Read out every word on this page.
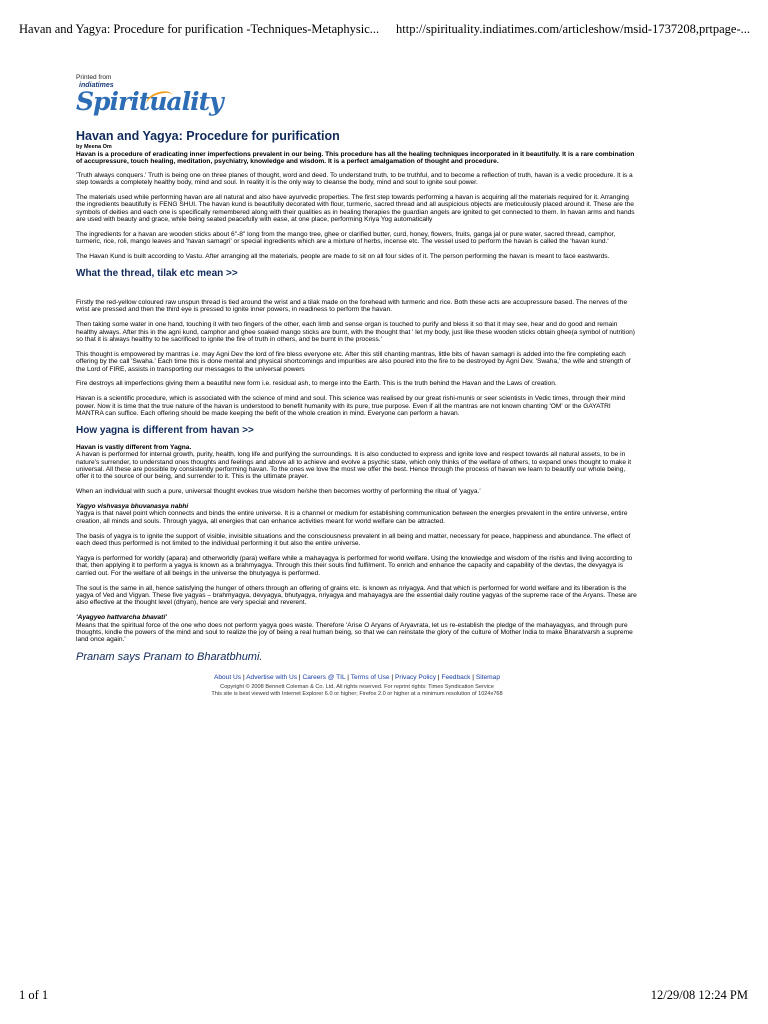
Havan and Yagya: Procedure for purification -Techniques-Metaphysic... http://spirituality.indiatimes.com/articleshow/msid-1737208,prtpage-...
Printed from
indiatimes
Spirituality
Havan and Yagya: Procedure for purification
by Meena Om

Havan is a procedure of eradicating inner imperfections prevalent in our being. This procedure has all the healing techniques incorporated in it beautifully. It is a rare combination of accupressure, touch healing, meditation, psychiatry, knowledge and wisdom. It is a perfect amalgamation of thought and procedure.

'Truth always conquers.' Truth is being one on three planes of thought, word and deed. To understand truth, to be truthful, and to become a reflection of truth, havan is a vedic procedure. It is a step towards a completely healthy body, mind and soul. In reality it is the only way to cleanse the body, mind and soul to ignite soul power.

The materials used while performing havan are all natural and also have ayurvedic properties. The first step towards performing a havan is acquiring all the materials required for it. Arranging the ingredients beautifully is FENG SHUI. The havan kund is beautifully decorated with flour, turmeric, sacred thread and all auspicious objects are meticulously placed around it. These are the symbols of deities and each one is specifically remembered along with their qualities as in healing therapies the guardian angels are ignited to get connected to them. In havan arms and hands are used with beauty and grace, while being seated peacefully with ease, at one place, performing Kriya Yog automatically

The ingredients for a havan are wooden sticks about 6"-8" long from the mango tree, ghee or clarified butter, curd, honey, flowers, fruits, ganga jal or pure water, sacred thread, camphor, turmeric, rice, roli, mango leaves and 'havan samagri' or special ingredients which are a mixture of herbs, incense etc. The vessel used to perform the havan is called the 'havan kund.'

The Havan Kund is built according to Vastu. After arranging all the materials, people are made to sit on all four sides of it. The person performing the havan is meant to face eastwards.

What the thread, tilak etc mean >>

Firstly the red-yellow coloured raw unspun thread is tied around the wrist and a tilak made on the forehead with turmeric and rice. Both these acts are accupressure based. The nerves of the wrist are pressed and then the third eye is pressed to ignite inner powers, in readiness to perform the havan.

Then taking some water in one hand, touching it with two fingers of the other, each limb and sense organ is touched to purify and bless it so that it may see, hear and do good and remain healthy always. After this in the agni kund, camphor and ghee soaked mango sticks are burnt, with the thought that ' let my body, just like these wooden sticks obtain ghee(a symbol of nutrition) so that it is always healthy to be sacrificed to ignite the fire of truth in others, and be burnt in the process.'

This thought is empowered by mantras i.e. may Agni Dev the lord of fire bless everyone etc. After this still chanting mantras, little bits of havan samagri is added into the fire completing each offering by the call 'Swaha.' Each time this is done mental and physical shortcomings and impurities are also poured into the fire to be destroyed by Agni Dev. 'Swaha,' the wife and strength of the Lord of FIRE, assists in transporting our messages to the universal powers

Fire destroys all imperfections giving them a beautiful new form i.e. residual ash, to merge into the Earth. This is the truth behind the Havan and the Laws of creation.

Havan is a scientific procedure, which is associated with the science of mind and soul. This science was realised by our great rishi-munis or seer scientists in Vedic times, through their mind power. Now it is time that the true nature of the havan is understood to benefit humanity with its pure, true purpose. Even if all the mantras are not known chanting 'OM' or the GAYATRI MANTRA can suffice. Each offering should be made keeping the befit of the whole creation in mind. Everyone can perform a havan.

How yagna is different from havan >>

Havan is vastly different from Yagna.
A havan is performed for internal growth, purity, health, long life and purifying the surroundings. It is also conducted to express and ignite love and respect towards all natural assets, to be in nature's surrender, to understand ones thoughts and feelings and above all to achieve and evolve a psychic state, which only thinks of the welfare of others, to expand ones thought to make it universal. All these are possible by consistently performing havan. To the ones we love the most we offer the best. Hence through the process of havan we learn to beautify our whole being, offer it to the source of our being, and surrender to it. This is the ultimate prayer.

When an individual with such a pure, universal thought evokes true wisdom he/she then becomes worthy of performing the ritual of 'yagya.'

Yagyo vishvasya bhuvanasya nabhi
Yagya is that navel point which connects and binds the entire universe. It is a channel or medium for establishing communication between the energies prevalent in the entire universe, entire creation, all minds and souls. Through yagya, all energies that can enhance activities meant for world welfare can be attracted.

The basis of yagya is to ignite the support of visible, invisible situations and the consciousness prevalent in all being and matter, necessary for peace, happiness and abundance. The effect of each deed thus performed is not limited to the individual performing it but also the entire universe.

Yagya is performed for worldly (apara) and otherworldly (para) welfare while a mahayagya is performed for world welfare. Using the knowledge and wisdom of the rishis and living according to that, then applying it to perform a yagya is known as a brahmyagya. Through this their souls find fulfilment. To enrich and enhance the capacity and capability of the devtas, the devyagya is carried out. For the welfare of all beings in the universe the bhutyagya is performed.

The soul is the same in all, hence satisfying the hunger of others through an offering of grains etc. is known as nriyagya. And that which is performed for world welfare and its liberation is the yagya of Ved and Vigyan. These five yagyas – brahmyagya, devyagya, bhutyagya, nriyagya and mahayagya are the essential daily routine yagyas of the supreme race of the Aryans. These are also effective at the thought level (dhyan), hence are very special and reverent.

'Ayagyeo hattvarcha bhavati'
Means that the spiritual force of the one who does not perform yagya goes waste. Therefore 'Arise O Aryans of Aryavrata, let us re-establish the pledge of the mahayagyas, and through pure thoughts, kindle the powers of the mind and soul to realize the joy of being a real human being, so that we can reinstate the glory of the culture of Mother India to make Bharatvarsh a supreme land once again.'

Pranam says Pranam to Bharatbhumi.

About Us | Advertise with Us | Careers @ TIL | Terms of Use | Privacy Policy | Feedback | Sitemap
Copyright © 2008 Bennett Coleman & Co. Ltd. All rights reserved. For reprint rights: Times Syndication Service
This site is best viewed with Internet Explorer 6.0 or higher; Firefox 2.0 or higher at a minimum resolution of 1024x768
1 of 1	12/29/08 12:24 PM
